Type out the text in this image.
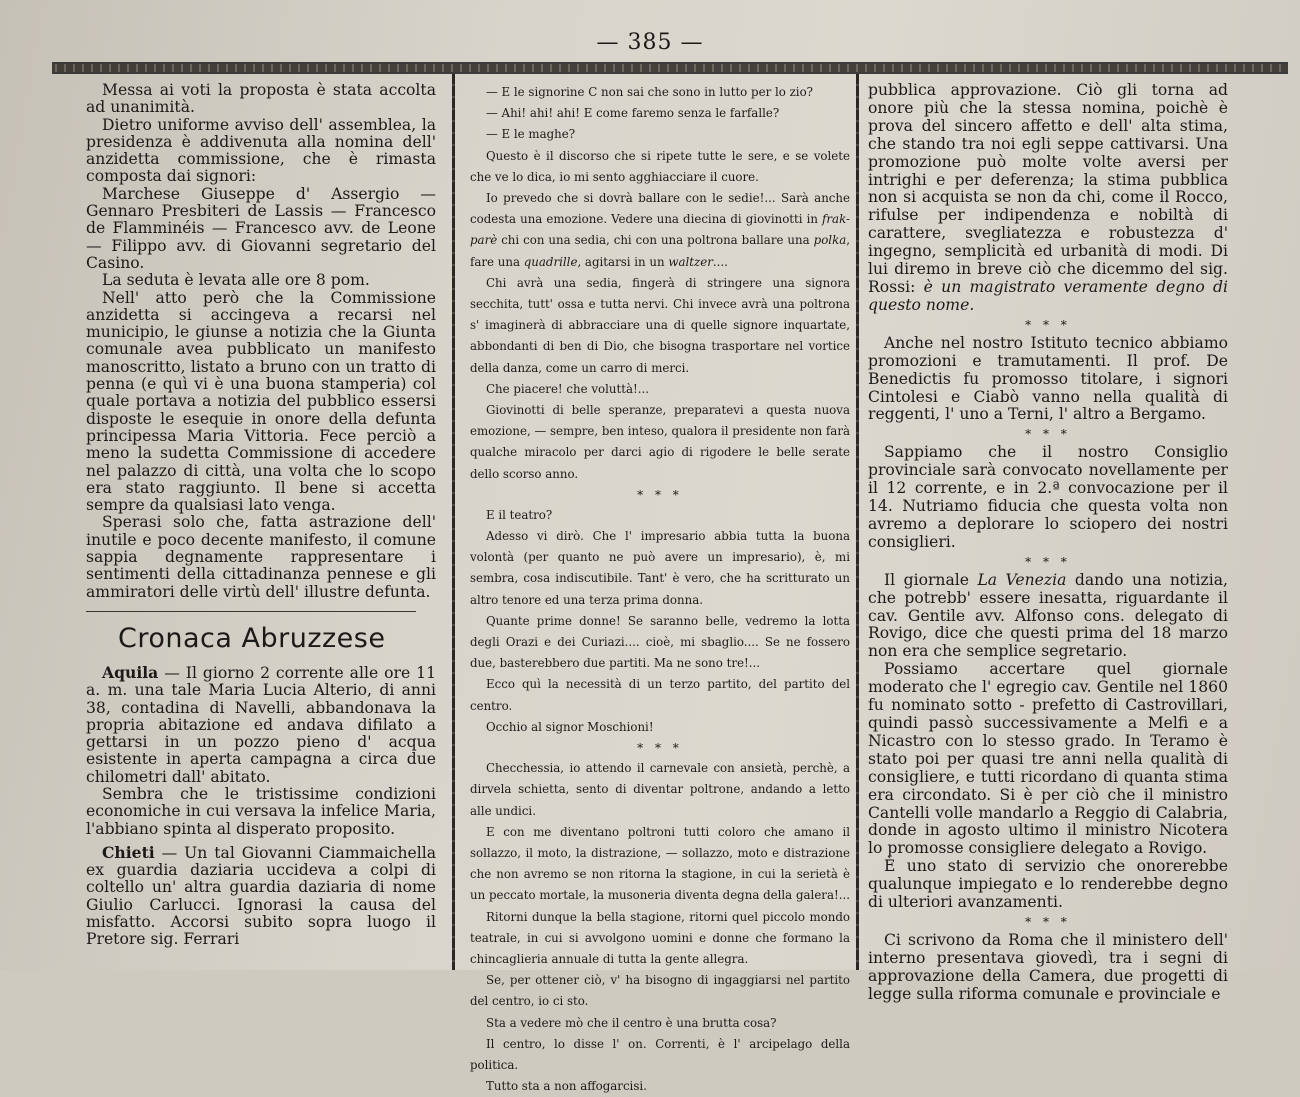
— 385 —

Messa ai voti la proposta è stata accolta ad unanimità.

Dietro uniforme avviso dell' assemblea, la presidenza è addivenuta alla nomina dell' anzidetta commissione, che è rimasta composta dai signori:

Marchese Giuseppe d' Assergio — Gennaro Presbiteri de Lassis — Francesco de Flamminéis — Francesco avv. de Leone — Filippo avv. di Giovanni segretario del Casino.

La seduta è levata alle ore 8 pom.

Nell' atto però che la Commissione anzidetta si accingeva a recarsi nel municipio, le giunse a notizia che la Giunta comunale avea pubblicato un manifesto manoscritto, listato a bruno con un tratto di penna (e quì vi è una buona stamperia) col quale portava a notizia del pubblico essersi disposte le esequie in onore della defunta principessa Maria Vittoria. Fece perciò a meno la sudetta Commissione di accedere nel palazzo di città, una volta che lo scopo era stato raggiunto. Il bene si accetta sempre da qualsiasi lato venga.

Sperasi solo che, fatta astrazione dell' inutile e poco decente manifesto, il comune sappia degnamente rappresentare i sentimenti della cittadinanza pennese e gli ammiratori delle virtù dell' illustre defunta.

Cronaca Abruzzese

Aquila — Il giorno 2 corrente alle ore 11 a. m. una tale Maria Lucia Alterio, di anni 38, contadina di Navelli, abbandonava la propria abitazione ed andava difilato a gettarsi in un pozzo pieno d' acqua esistente in aperta campagna a circa due chilometri dall' abitato.

Sembra che le tristissime condizioni economiche in cui versava la infelice Maria, l'abbiano spinta al disperato proposito.

Chieti — Un tal Giovanni Ciammaichella ex guardia daziaria uccideva a colpi di coltello un' altra guardia daziaria di nome Giulio Carlucci. Ignorasi la causa del misfatto. Accorsi subito sopra luogo il Pretore sig. Ferrari

— E le signorine C non sai che sono in lutto per lo zio?

— Ahi! ahi! ahi! E come faremo senza le farfalle?

— E le maghe?

Questo è il discorso che si ripete tutte le sere, e se volete che ve lo dica, io mi sento agghiacciare il cuore.

Io prevedo che si dovrà ballare con le sedie!... Sarà anche codesta una emozione. Vedere una diecina di giovinotti in frak-parè chi con una sedia, chi con una poltrona ballare una polka, fare una quadrille, agitarsi in un waltzer....

Chi avrà una sedia, fingerà di stringere una signora secchita, tutt' ossa e tutta nervi. Chi invece avrà una poltrona s' imaginerà di abbracciare una di quelle signore inquartate, abbondanti di ben di Dio, che bisogna trasportare nel vortice della danza, come un carro di merci.

Che piacere! che voluttà!...

Giovinotti di belle speranze, preparatevi a questa nuova emozione, — sempre, ben inteso, qualora il presidente non farà qualche miracolo per darci agio di rigodere le belle serate dello scorso anno.

* * *

E il teatro?

Adesso vi dirò. Che l' impresario abbia tutta la buona volontà (per quanto ne può avere un impresario), è, mi sembra, cosa indiscutibile. Tant' è vero, che ha scritturato un altro tenore ed una terza prima donna.

Quante prime donne! Se saranno belle, vedremo la lotta degli Orazi e dei Curiazi.... cioè, mi sbaglio.... Se ne fossero due, basterebbero due partiti. Ma ne sono tre!...

Ecco quì la necessità di un terzo partito, del partito del centro.

Occhio al signor Moschioni!

* * *

Checchessia, io attendo il carnevale con ansietà, perchè, a dirvela schietta, sento di diventar poltrone, andando a letto alle undici.

E con me diventano poltroni tutti coloro che amano il sollazzo, il moto, la distrazione, — sollazzo, moto e distrazione che non avremo se non ritorna la stagione, in cui la serietà è un peccato mortale, la musoneria diventa degna della galera!...

Ritorni dunque la bella stagione, ritorni quel piccolo mondo teatrale, in cui si avvolgono uomini e donne che formano la chincaglieria annuale di tutta la gente allegra.

Se, per ottener ciò, v' ha bisogno di ingaggiarsi nel partito del centro, io ci sto.

Sta a vedere mò che il centro è una brutta cosa?

Il centro, lo disse l' on. Correnti, è l' arcipelago della politica.

Tutto sta a non affogarcisi.

pubblica approvazione. Ciò gli torna ad onore più che la stessa nomina, poichè è prova del sincero affetto e dell' alta stima, che stando tra noi egli seppe cattivarsi. Una promozione può molte volte aversi per intrighi e per deferenza; la stima pubblica non si acquista se non da chi, come il Rocco, rifulse per indipendenza e nobiltà di carattere, svegliatezza e robustezza d' ingegno, semplicità ed urbanità di modi. Di lui diremo in breve ciò che dicemmo del sig. Rossi: è un magistrato veramente degno di questo nome.

* * *

Anche nel nostro Istituto tecnico abbiamo promozioni e tramutamenti. Il prof. De Benedictis fu promosso titolare, i signori Cintolesi e Ciabò vanno nella qualità di reggenti, l' uno a Terni, l' altro a Bergamo.

* * *

Sappiamo che il nostro Consiglio provinciale sarà convocato novellamente per il 12 corrente, e in 2.ª convocazione per il 14. Nutriamo fiducia che questa volta non avremo a deplorare lo sciopero dei nostri consiglieri.

* * *

Il giornale La Venezia dando una notizia, che potrebb' essere inesatta, riguardante il cav. Gentile avv. Alfonso cons. delegato di Rovigo, dice che questi prima del 18 marzo non era che semplice segretario.

Possiamo accertare quel giornale moderato che l' egregio cav. Gentile nel 1860 fu nominato sotto - prefetto di Castrovillari, quindi passò successivamente a Melfi e a Nicastro con lo stesso grado. In Teramo è stato poi per quasi tre anni nella qualità di consigliere, e tutti ricordano di quanta stima era circondato. Si è per ciò che il ministro Cantelli volle mandarlo a Reggio di Calabria, donde in agosto ultimo il ministro Nicotera lo promosse consigliere delegato a Rovigo.

È uno stato di servizio che onorerebbe qualunque impiegato e lo renderebbe degno di ulteriori avanzamenti.

* * *

Ci scrivono da Roma che il ministero dell' interno presentava giovedì, tra i segni di approvazione della Camera, due progetti di legge sulla riforma comunale e provinciale e
